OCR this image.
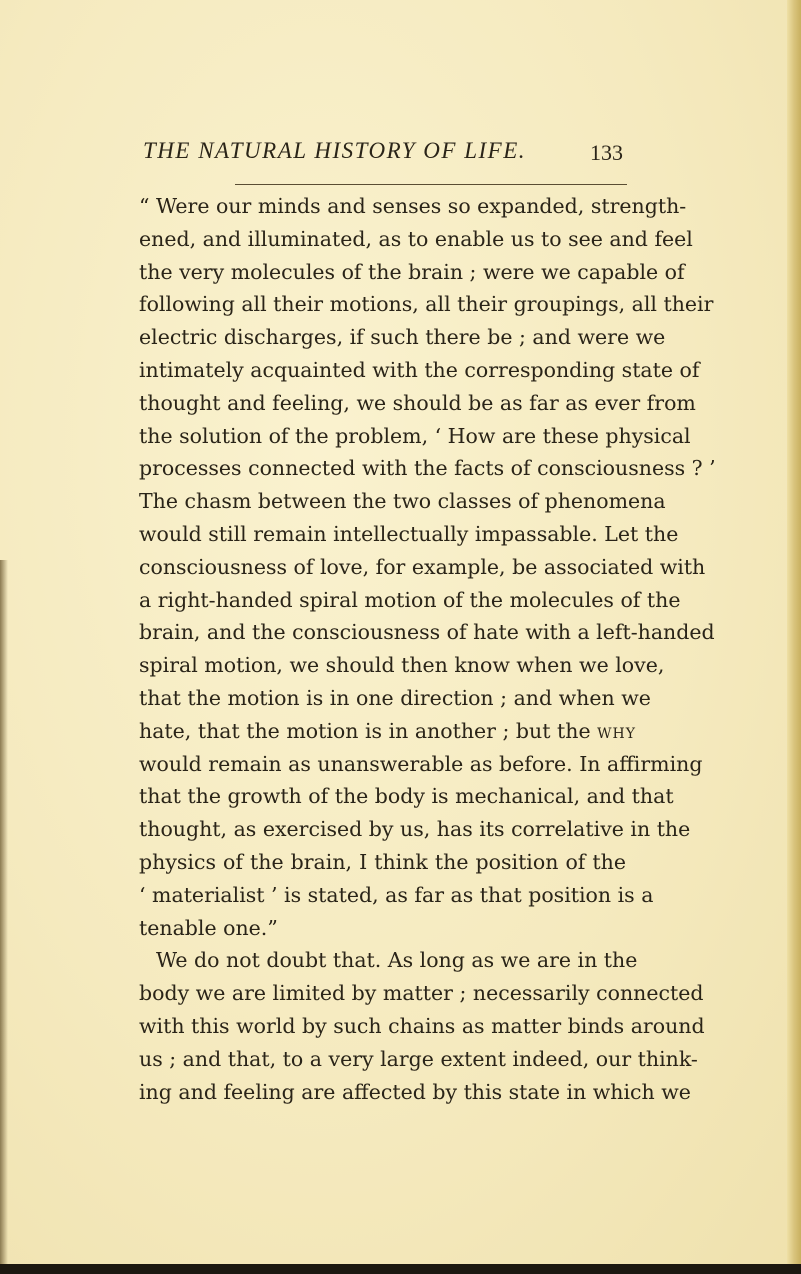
THE NATURAL HISTORY OF LIFE.	133
“ Were our minds and senses so expanded, strength-
ened, and illuminated, as to enable us to see and feel
the very molecules of the brain ; were we capable of
following all their motions, all their groupings, all their
electric discharges, if such there be ; and were we
intimately acquainted with the corresponding state of
thought and feeling, we should be as far as ever from
the solution of the problem, ‘ How are these physical
processes connected with the facts of consciousness ? ’
The chasm between the two classes of phenomena
would still remain intellectually impassable. Let the
consciousness of love, for example, be associated with
a right-handed spiral motion of the molecules of the
brain, and the consciousness of hate with a left-handed
spiral motion, we should then know when we love,
that the motion is in one direction ; and when we
hate, that the motion is in another ; but the WHY
would remain as unanswerable as before. In affirming
that the growth of the body is mechanical, and that
thought, as exercised by us, has its correlative in the
physics of the brain, I think the position of the
‘ materialist ’ is stated, as far as that position is a
tenable one.”
We do not doubt that. As long as we are in the
body we are limited by matter ; necessarily connected
with this world by such chains as matter binds around
us ; and that, to a very large extent indeed, our think-
ing and feeling are affected by this state in which we
